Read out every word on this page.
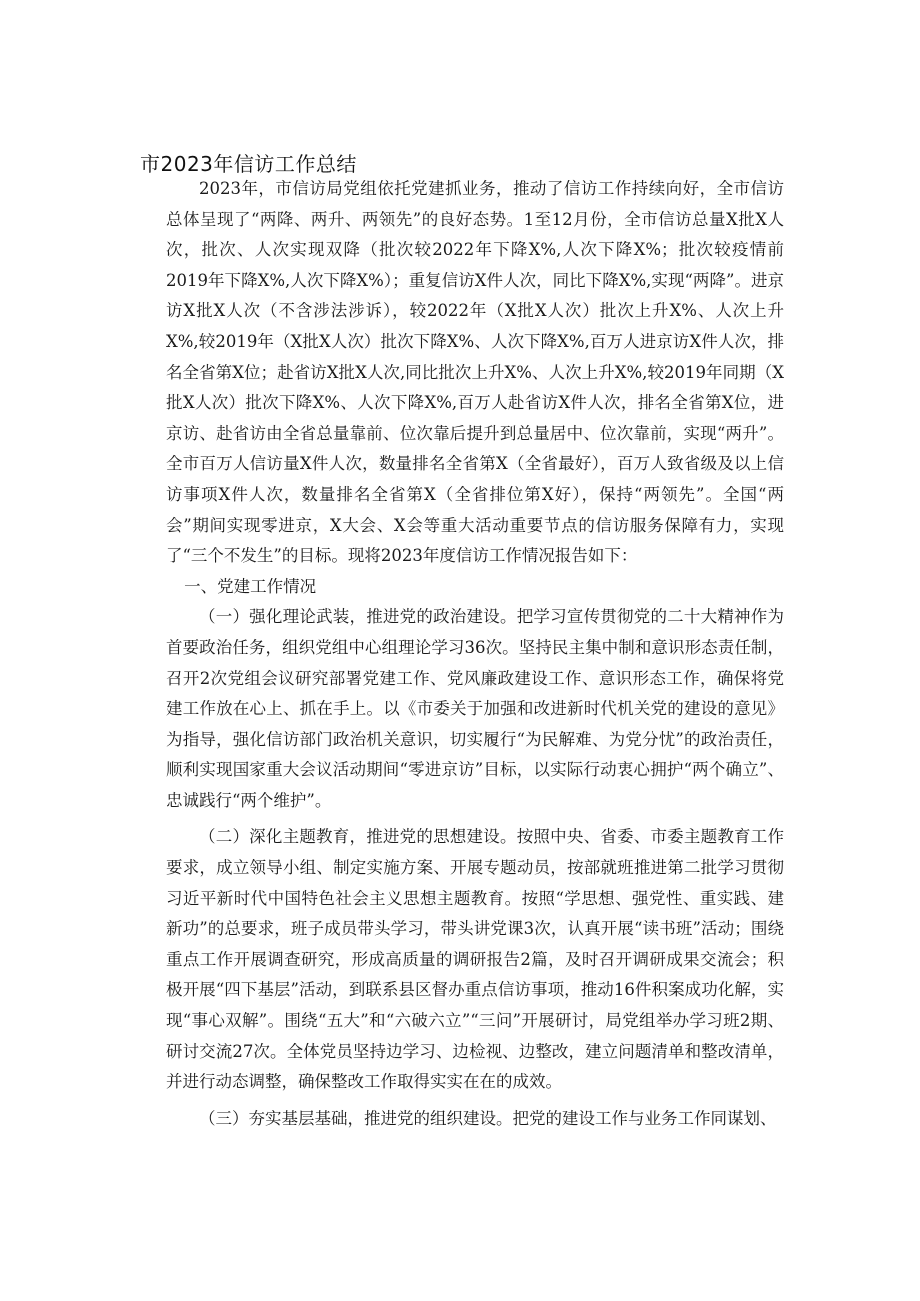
市2023年信访工作总结

2023年，市信访局党组依托党建抓业务，推动了信访工作持续向好，全市信访总体呈现了“两降、两升、两领先”的良好态势。1至12月份，全市信访总量X批X人次，批次、人次实现双降（批次较2022年下降X%,人次下降X%；批次较疫情前2019年下降X%,人次下降X%）；重复信访X件人次，同比下降X%,实现“两降”。进京访X批X人次（不含涉法涉诉），较2022年（X批X人次）批次上升X%、人次上升X%,较2019年（X批X人次）批次下降X%、人次下降X%,百万人进京访X件人次，排名全省第X位；赴省访X批X人次,同比批次上升X%、人次上升X%,较2019年同期（X批X人次）批次下降X%、人次下降X%,百万人赴省访X件人次，排名全省第X位，进京访、赴省访由全省总量靠前、位次靠后提升到总量居中、位次靠前，实现“两升”。全市百万人信访量X件人次，数量排名全省第X（全省最好），百万人致省级及以上信访事项X件人次，数量排名全省第X（全省排位第X好），保持“两领先”。全国“两会”期间实现零进京，X大会、X会等重大活动重要节点的信访服务保障有力，实现了“三个不发生”的目标。现将2023年度信访工作情况报告如下：

一、党建工作情况

（一）强化理论武装，推进党的政治建设。把学习宣传贯彻党的二十大精神作为首要政治任务，组织党组中心组理论学习36次。坚持民主集中制和意识形态责任制，召开2次党组会议研究部署党建工作、党风廉政建设工作、意识形态工作，确保将党建工作放在心上、抓在手上。以《市委关于加强和改进新时代机关党的建设的意见》为指导，强化信访部门政治机关意识，切实履行“为民解难、为党分忧”的政治责任，顺利实现国家重大会议活动期间“零进京访”目标，以实际行动衷心拥护“两个确立”、忠诚践行“两个维护”。

（二）深化主题教育，推进党的思想建设。按照中央、省委、市委主题教育工作要求，成立领导小组、制定实施方案、开展专题动员，按部就班推进第二批学习贯彻习近平新时代中国特色社会主义思想主题教育。按照“学思想、强党性、重实践、建新功”的总要求，班子成员带头学习，带头讲党课3次，认真开展“读书班”活动；围绕重点工作开展调查研究，形成高质量的调研报告2篇，及时召开调研成果交流会；积极开展“四下基层”活动，到联系县区督办重点信访事项，推动16件积案成功化解，实现“事心双解”。围绕“五大”和“六破六立”“三问”开展研讨，局党组举办学习班2期、研讨交流27次。全体党员坚持边学习、边检视、边整改，建立问题清单和整改清单，并进行动态调整，确保整改工作取得实实在在的成效。

（三）夯实基层基础，推进党的组织建设。把党的建设工作与业务工作同谋划、
